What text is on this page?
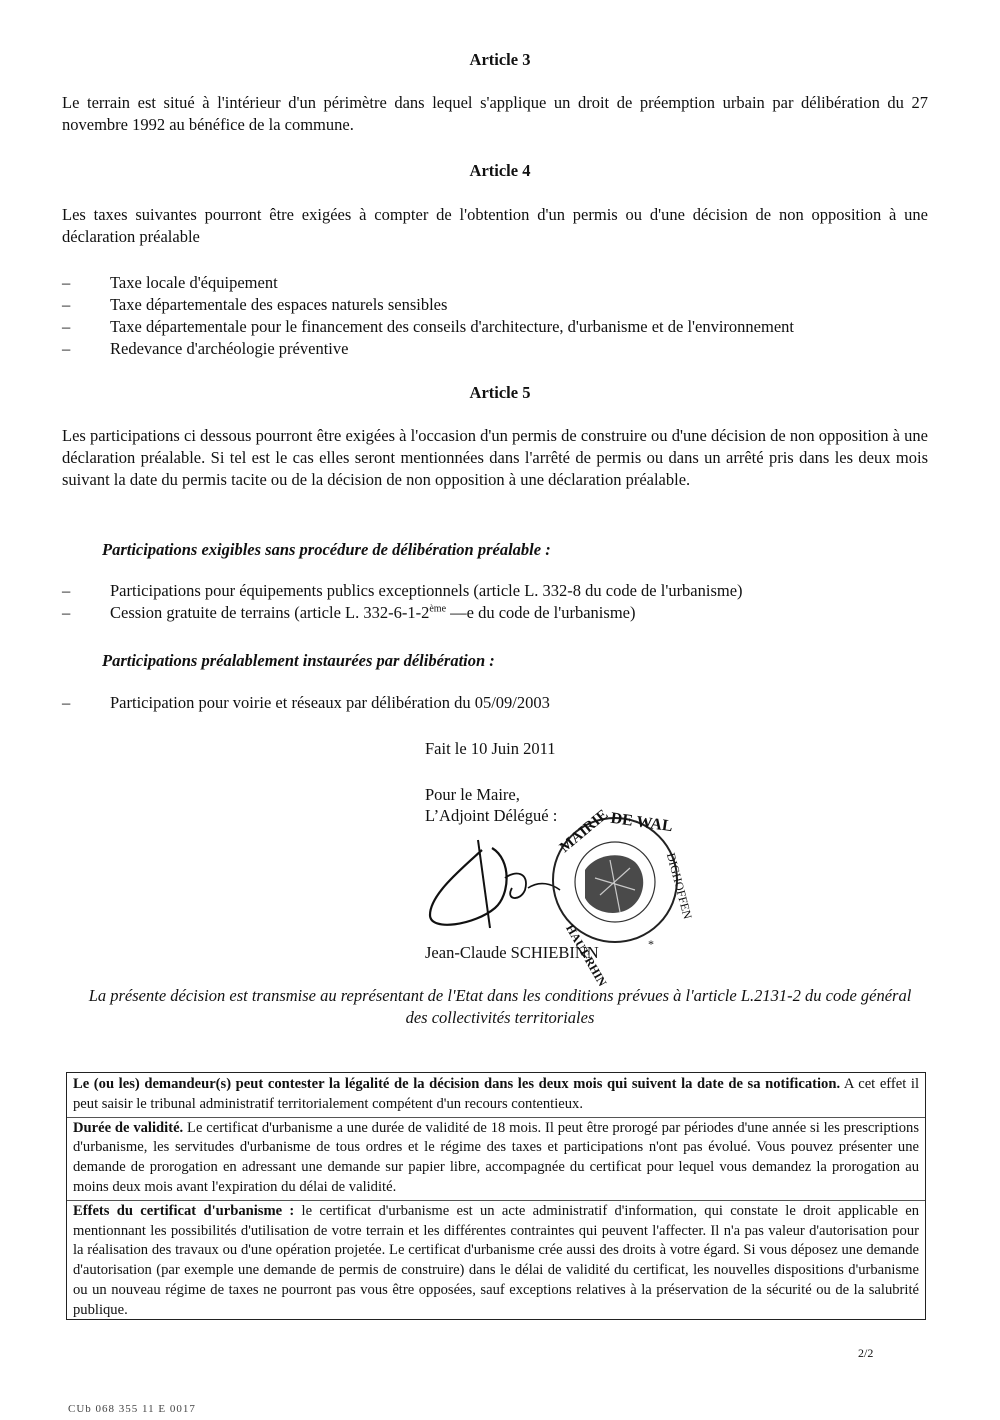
Article 3
Le terrain est situé à l'intérieur d'un périmètre dans lequel s'applique un droit de préemption urbain par délibération du 27 novembre 1992 au bénéfice de la commune.
Article 4
Les taxes suivantes pourront être exigées à compter de l'obtention d'un permis ou d'une décision de non opposition à une déclaration préalable
– Taxe locale d'équipement
– Taxe départementale des espaces naturels sensibles
– Taxe départementale pour le financement des conseils d'architecture, d'urbanisme et de l'environnement
– Redevance d'archéologie préventive
Article 5
Les participations ci dessous pourront être exigées à l'occasion d'un permis de construire ou d'une décision de non opposition à une déclaration préalable. Si tel est le cas elles seront mentionnées dans l'arrêté de permis ou dans un arrêté pris dans les deux mois suivant la date du permis tacite ou de la décision de non opposition à une déclaration préalable.
Participations exigibles sans procédure de délibération préalable :
– Participations pour équipements publics exceptionnels (article L. 332-8 du code de l'urbanisme)
– Cession gratuite de terrains (article L. 332-6-1-2ème —e du code de l'urbanisme)
Participations préalablement instaurées par délibération :
– Participation pour voirie et réseaux par délibération du 05/09/2003
Fait le 10 Juin 2011
Pour le Maire,
L’Adjoint Délégué : MAIRIE
DE WAL
DIGHOFFEN
HAUT-RHIN	*
Jean-Claude SCHIEBINN
La présente décision est transmise au représentant de l'Etat dans les conditions prévues à l'article L.2131-2 du code général des collectivités territoriales

Le (ou les) demandeur(s) peut contester la légalité de la décision dans les deux mois qui suivent la date de sa notification. A cet effet il peut saisir le tribunal administratif territorialement compétent d'un recours contentieux.

Durée de validité. Le certificat d'urbanisme a une durée de validité de 18 mois. Il peut être prorogé par périodes d'une année si les prescriptions d'urbanisme, les servitudes d'urbanisme de tous ordres et le régime des taxes et participations n'ont pas évolué. Vous pouvez présenter une demande de prorogation en adressant une demande sur papier libre, accompagnée du certificat pour lequel vous demandez la prorogation au moins deux mois avant l'expiration du délai de validité.

Effets du certificat d'urbanisme : le certificat d'urbanisme est un acte administratif d'information, qui constate le droit applicable en mentionnant les possibilités d'utilisation de votre terrain et les différentes contraintes qui peuvent l'affecter. Il n'a pas valeur d'autorisation pour la réalisation des travaux ou d'une opération projetée. Le certificat d'urbanisme crée aussi des droits à votre égard. Si vous déposez une demande d'autorisation (par exemple une demande de permis de construire) dans le délai de validité du certificat, les nouvelles dispositions d'urbanisme ou un nouveau régime de taxes ne pourront pas vous être opposées, sauf exceptions relatives à la préservation de la sécurité ou de la salubrité publique.

2/2
CUb 068 355 11 E 0017
